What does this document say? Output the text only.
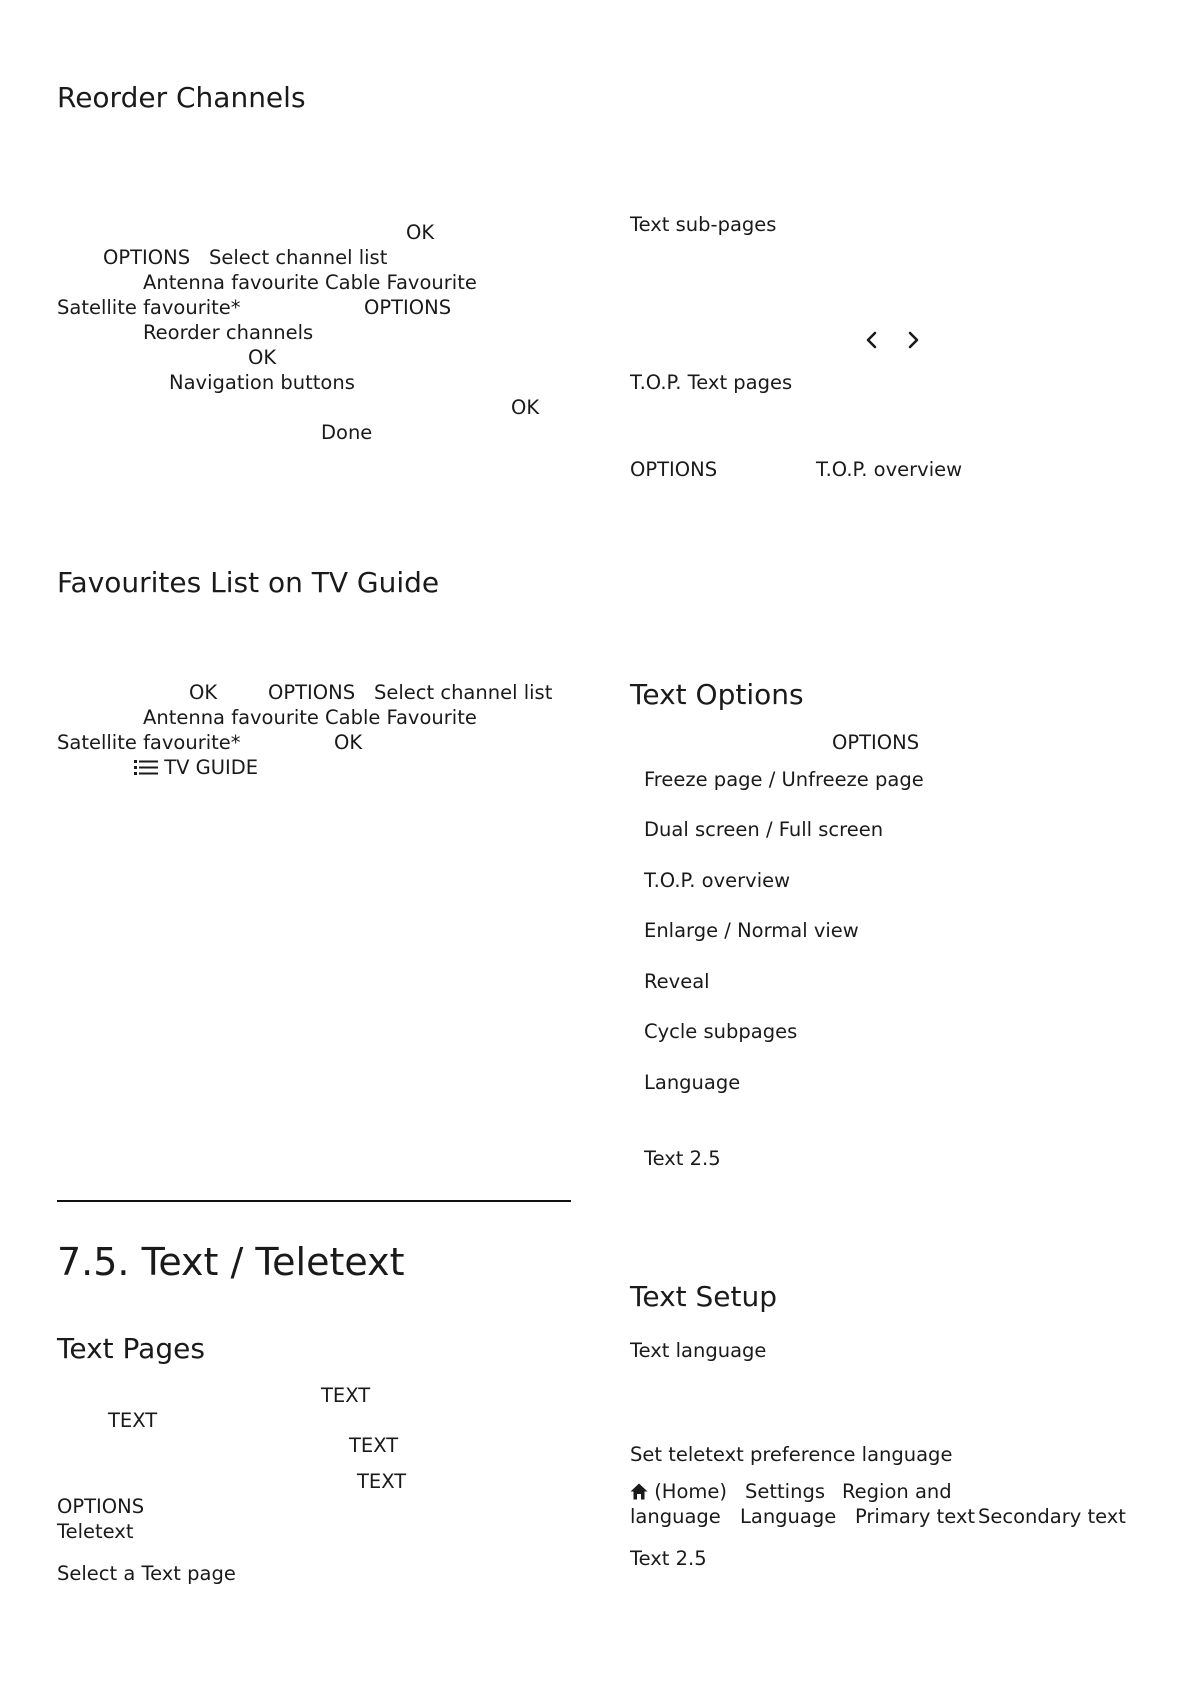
Reorder Channels
OK
OPTIONS Select channel list
Antenna favourite Cable Favourite
Satellite favourite*	OPTIONS
Reorder channels
OK
Navigation buttons
OK
Done
Favourites List on TV Guide
OK	OPTIONS Select channel list
Antenna favourite Cable Favourite
Satellite favourite*	OK
TV GUIDE
7.5. Text / Teletext
Text Pages
TEXT
TEXT
TEXT
TEXT
OPTIONS
Teletext
Select a Text page
Text sub-pages
T.O.P. Text pages
OPTIONS	T.O.P. overview
Text Options
OPTIONS
Freeze page / Unfreeze page
Dual screen / Full screen
T.O.P. overview
Enlarge / Normal view
Reveal
Cycle subpages
Language
Text 2.5
Text Setup
Text language
Set teletext preference language
(Home) Settings Region and
language Language Primary text Secondary text
Text 2.5
